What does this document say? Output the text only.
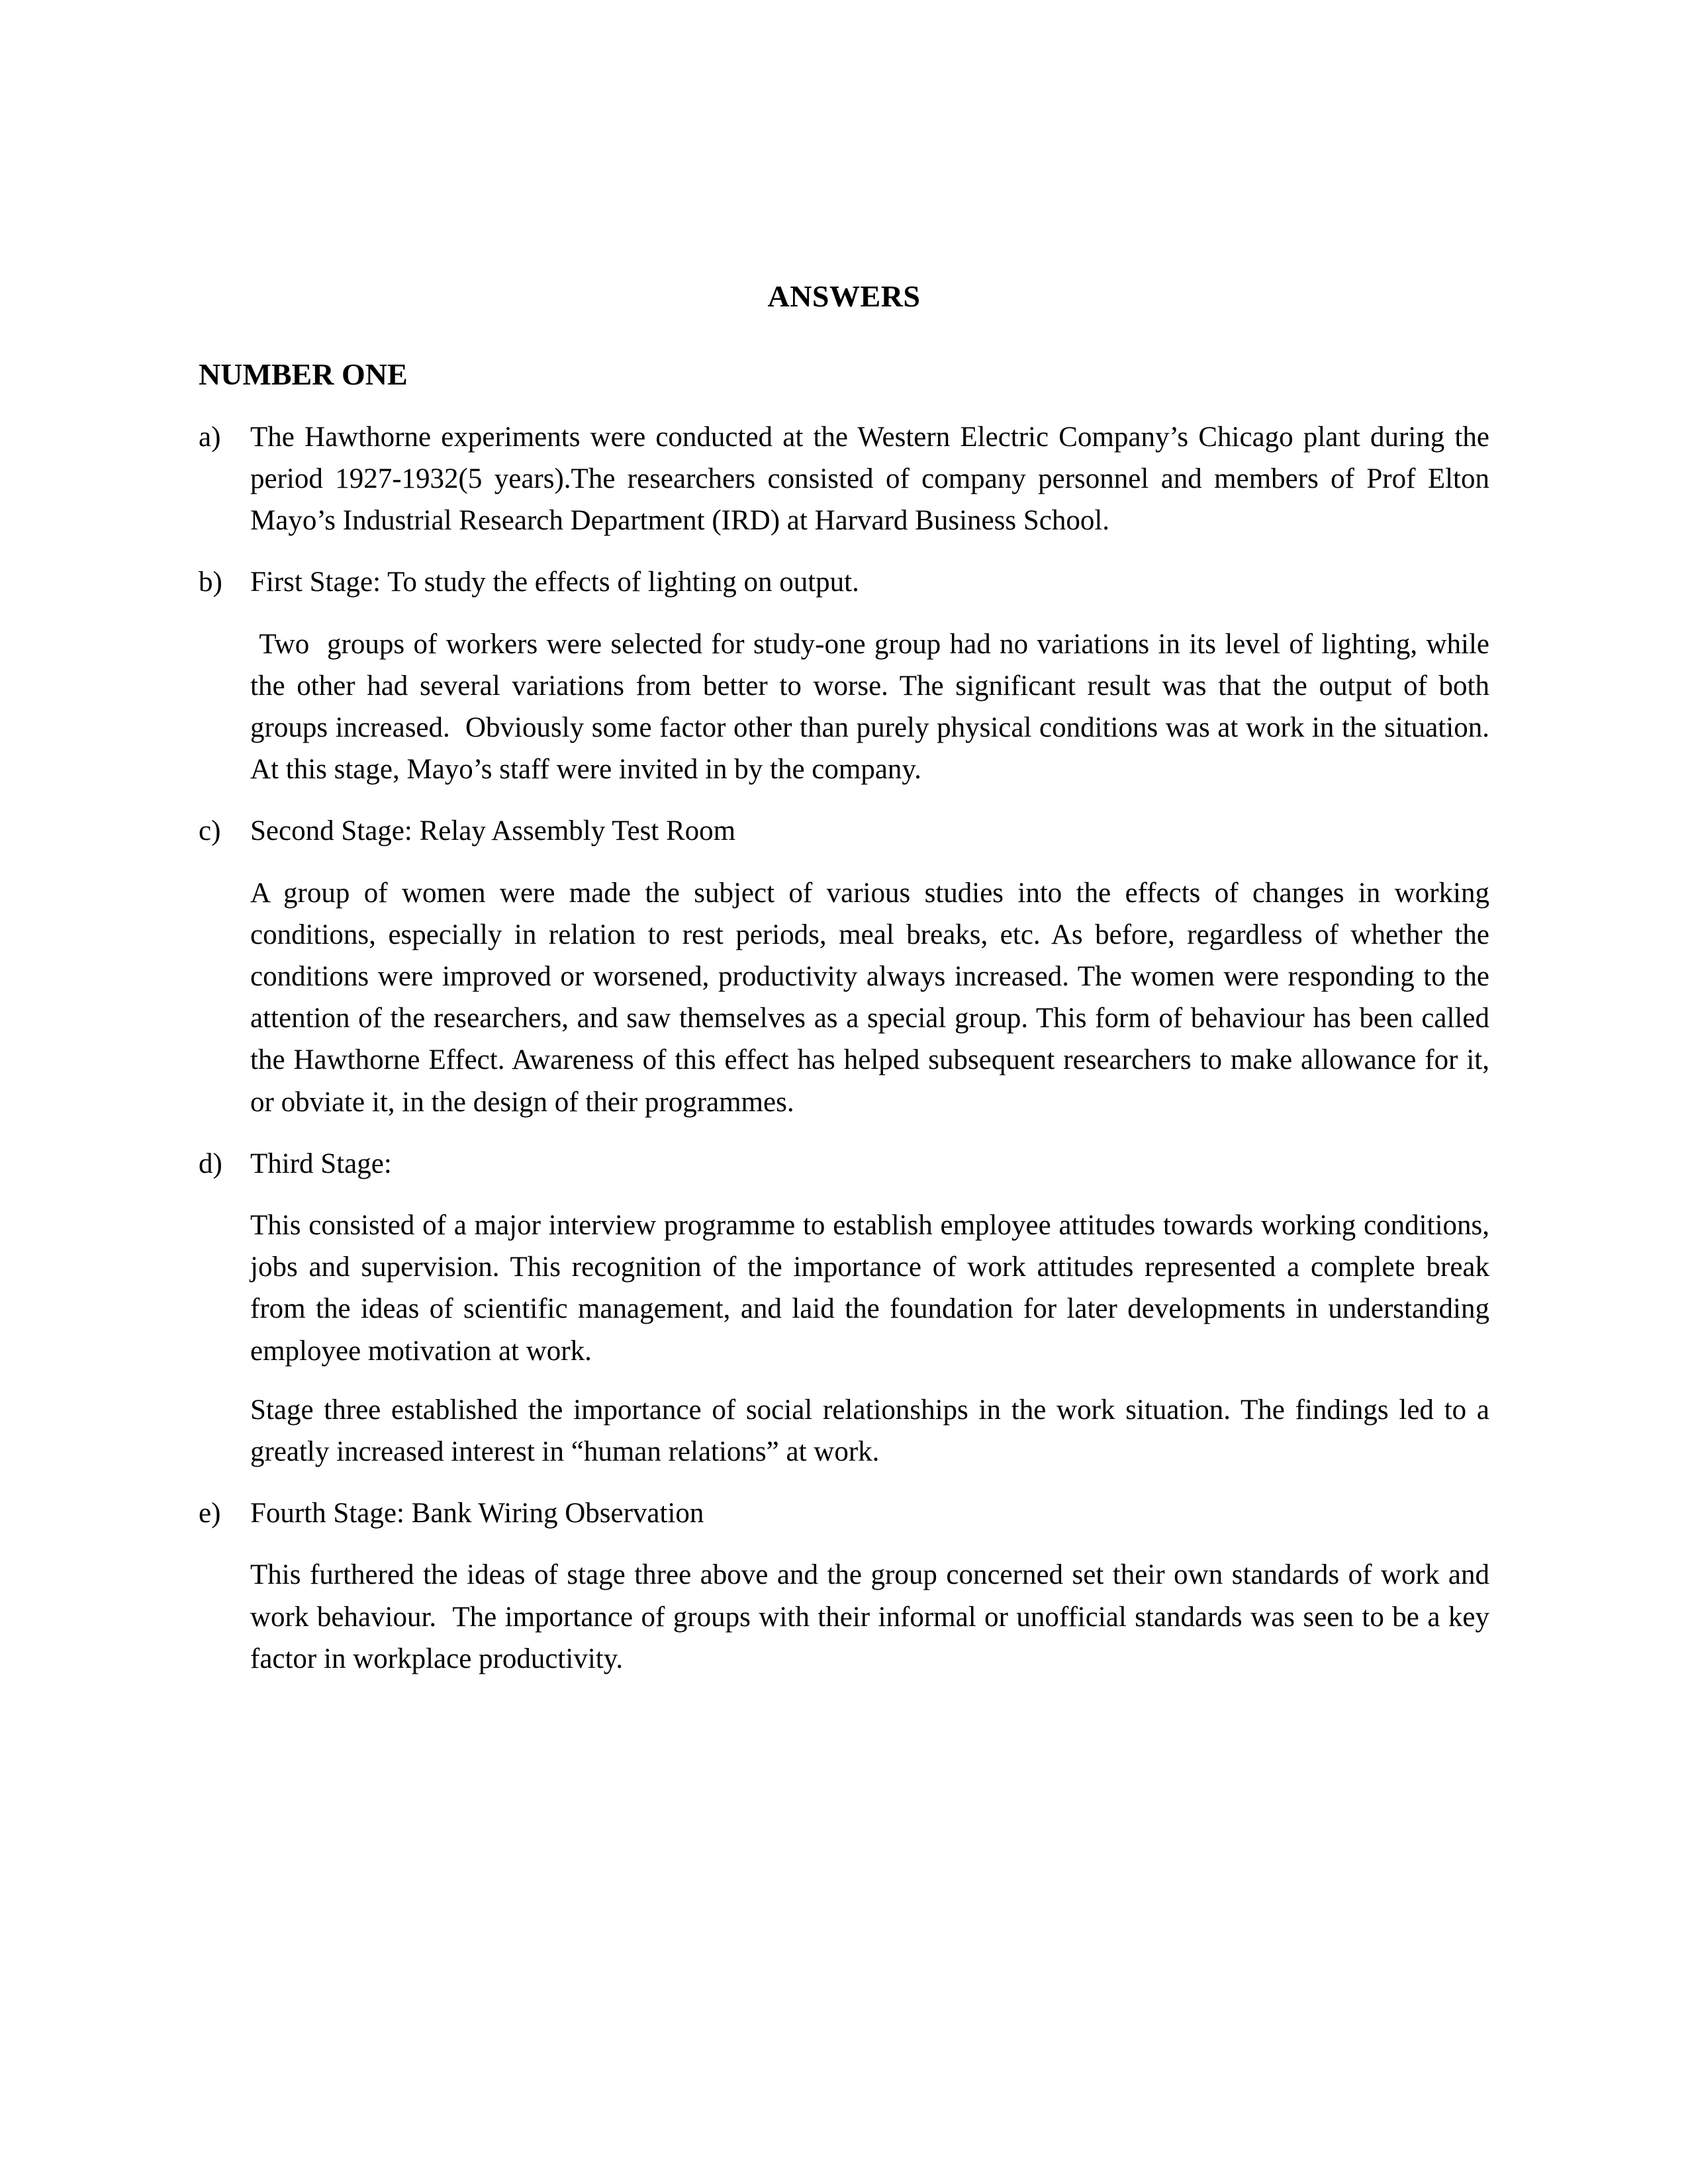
ANSWERS
NUMBER ONE
a)	The Hawthorne experiments were conducted at the Western Electric Company’s Chicago plant during the period 1927-1932(5 years).The researchers consisted of company personnel and members of Prof Elton Mayo’s Industrial Research Department (IRD) at Harvard Business School.

b) First Stage: To study the effects of lighting on output.

Two  groups of workers were selected for study-one group had no variations in its level of lighting, while the other had several variations from better to worse. The significant result was that the output of both groups increased.  Obviously some factor other than purely physical conditions was at work in the situation.  At this stage, Mayo’s staff were invited in by the company.

c)	Second Stage: Relay Assembly Test Room

A group of women were made the subject of various studies into the effects of changes in working conditions, especially in relation to rest periods, meal breaks, etc. As before, regardless of whether the conditions were improved or worsened, productivity always increased. The women were responding to the attention of the researchers, and saw themselves as a special group. This form of behaviour has been called the Hawthorne Effect. Awareness of this effect has helped subsequent researchers to make allowance for it, or obviate it, in the design of their programmes.

d) Third Stage:

This consisted of a major interview programme to establish employee attitudes towards working conditions, jobs and supervision. This recognition of the importance of work attitudes represented a complete break from the ideas of scientific management, and laid the foundation for later developments in understanding employee motivation at work.

Stage three established the importance of social relationships in the work situation. The findings led to a greatly increased interest in “human relations” at work.

e)	Fourth Stage: Bank Wiring Observation

This furthered the ideas of stage three above and the group concerned set their own standards of work and work behaviour.  The importance of groups with their informal or unofficial standards was seen to be a key factor in workplace productivity.
